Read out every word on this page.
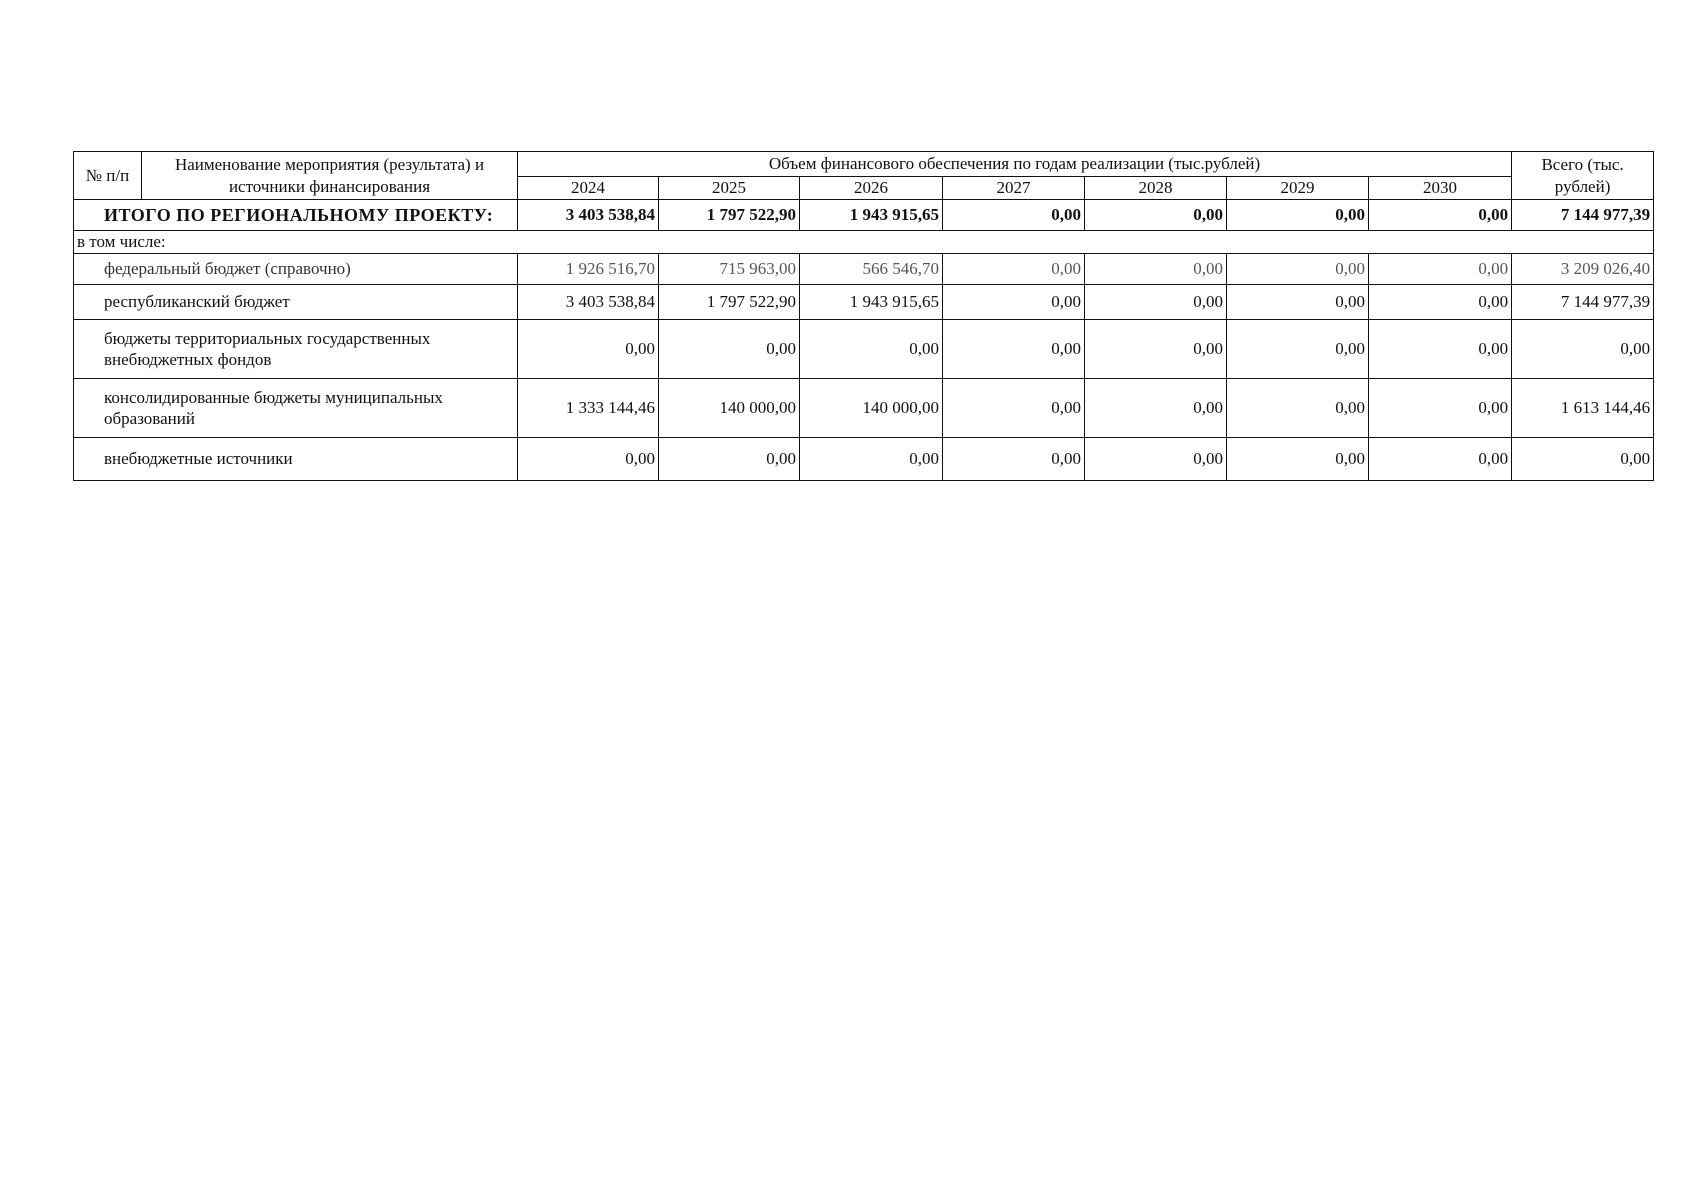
№ п/п	Наименование мероприятия (результата) и источники финансирования	Объем финансового обеспечения по годам реализации (тыс.рублей)							Всего (тыс. рублей)

		2024	2025	2026	2027	2028	2029	2030	
ИТОГО ПО РЕГИОНАЛЬНОМУ ПРОЕКТУ:		3 403 538,84	1 797 522,90	1 943 915,65	0,00	0,00	0,00	0,00	7 144 977,39
в том числе:									
федеральный бюджет (справочно)		1 926 516,70	715 963,00	566 546,70	0,00	0,00	0,00	0,00	3 209 026,40
республиканский бюджет		3 403 538,84	1 797 522,90	1 943 915,65	0,00	0,00	0,00	0,00	7 144 977,39
бюджеты территориальных государственных внебюджетных фондов		0,00	0,00	0,00	0,00	0,00	0,00	0,00	0,00
консолидированные бюджеты муниципальных образований		1 333 144,46	140 000,00	140 000,00	0,00	0,00	0,00	0,00	1 613 144,46
внебюджетные источники		0,00	0,00	0,00	0,00	0,00	0,00	0,00	0,00
